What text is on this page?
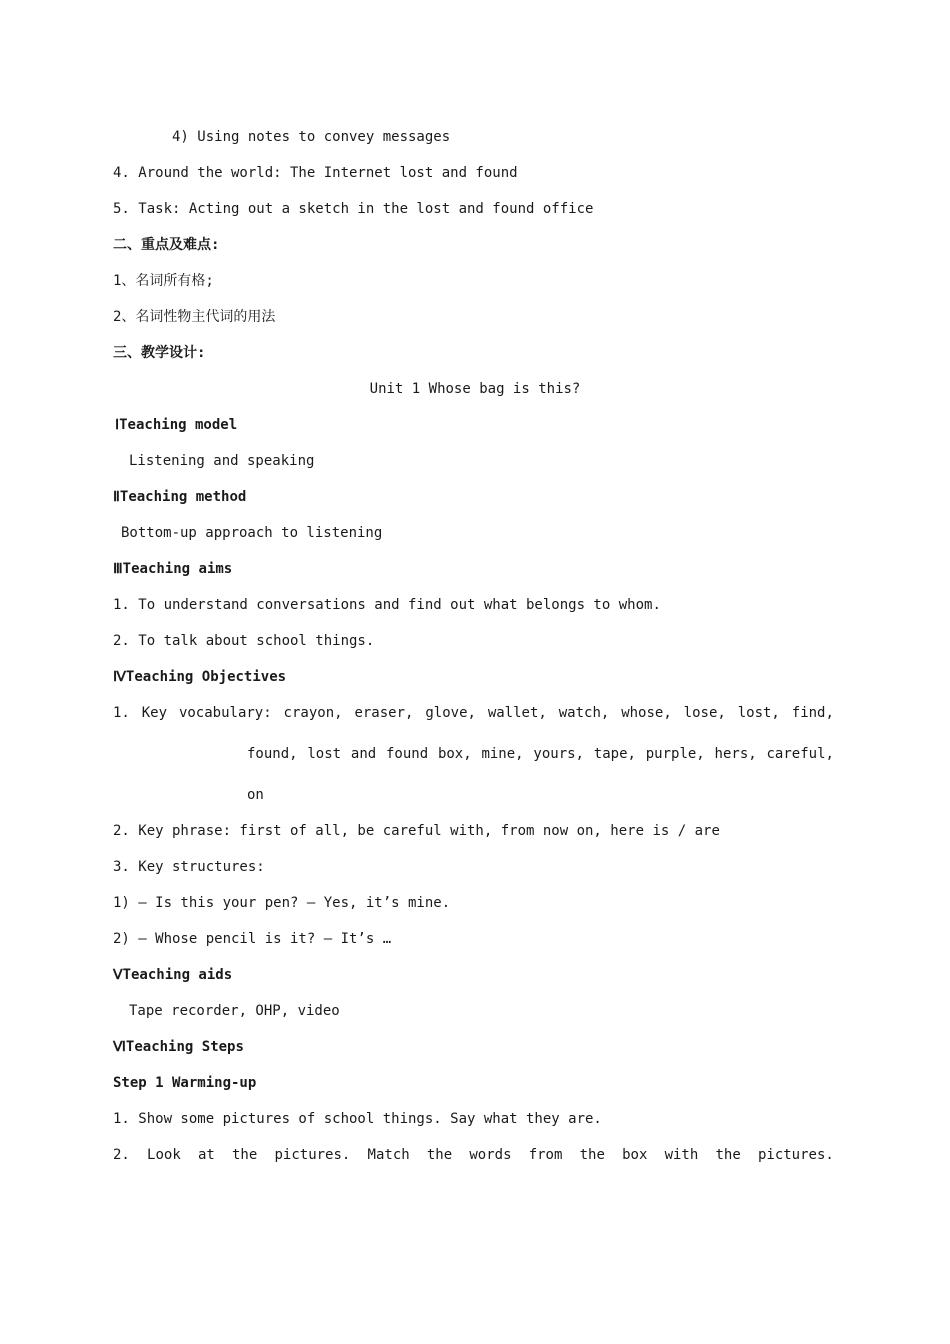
4) Using notes to convey messages
4. Around the world: The Internet lost and found
5. Task: Acting out a sketch in the lost and found office
二、重点及难点:
1、名词所有格;
2、名词性物主代词的用法
三、教学设计:
Unit 1 Whose bag is this?
ⅠTeaching model
Listening and speaking
ⅡTeaching method
Bottom-up approach to listening
ⅢTeaching aims
1. To understand conversations and find out what belongs to whom.
2. To talk about school things.
ⅣTeaching Objectives
1. Key vocabulary: crayon, eraser, glove, wallet, watch, whose, lose, lost, find,
found, lost and found box, mine, yours, tape, purple, hers, careful,
on
2. Key phrase: first of all, be careful with, from now on, here is / are
3. Key structures:
1) — Is this your pen? — Yes, it’s mine.
2) — Whose pencil is it? — It’s …
ⅤTeaching aids
Tape recorder, OHP, video
ⅥTeaching Steps
Step 1 Warming-up
1. Show some pictures of school things. Say what they are.
2. Look at the pictures. Match the words from the box with the pictures.
